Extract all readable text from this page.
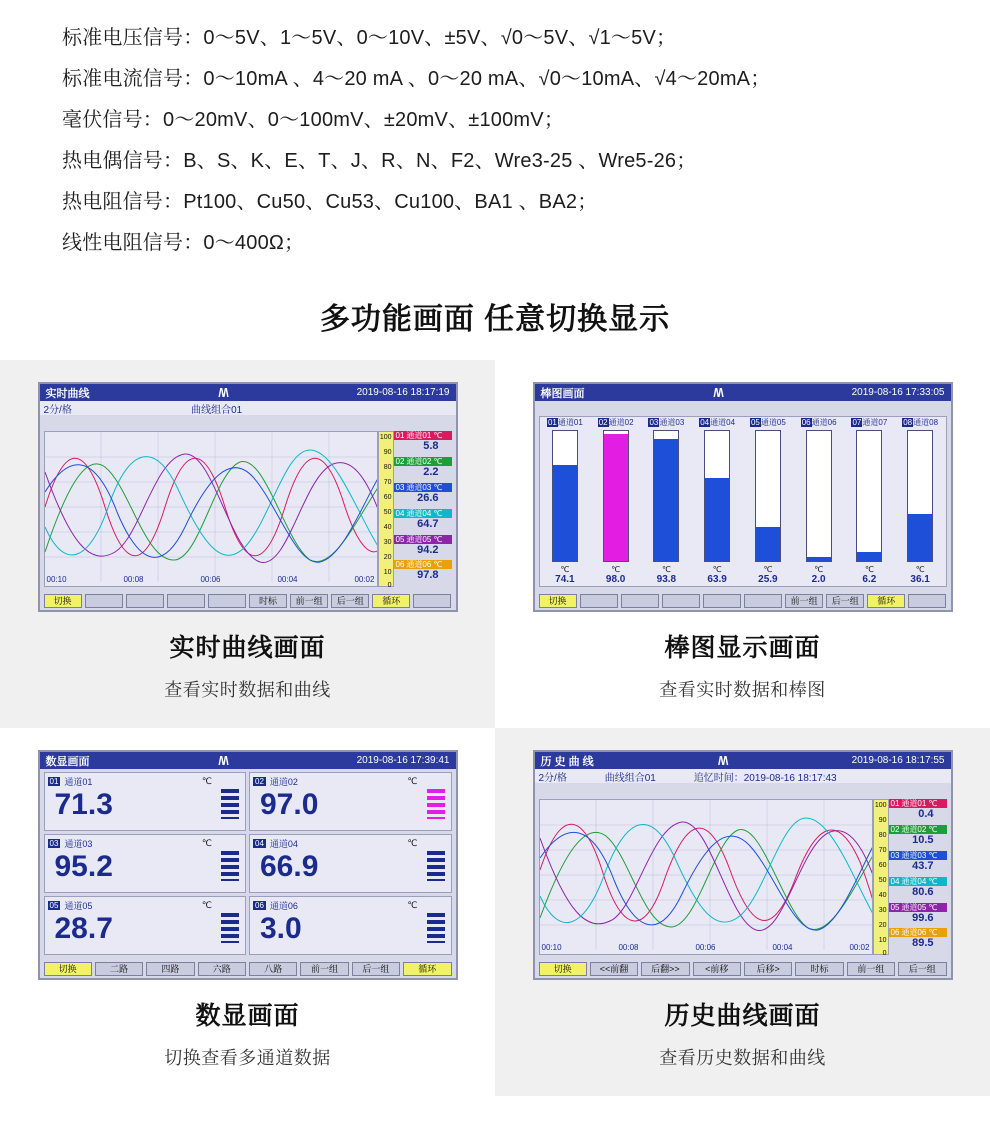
标准电压信号：0～5V、1～5V、0～10V、±5V、√0～5V、√1～5V；
标准电流信号：0～10mA 、4～20 mA 、0～20 mA、√0～10mA、√4～20mA；
毫伏信号：0～20mV、0～100mV、±20mV、±100mV；
热电偶信号：B、S、K、E、T、J、R、N、F2、Wre3-25 、Wre5-26；
热电阻信号：Pt100、Cu50、Cu53、Cu100、BA1 、BA2；
线性电阻信号：0～400Ω；
多功能画面 任意切换显示
实时曲线	/\/\	2019-08-16 18:17:19
2分/格	曲线组合01
00:10	00:08	00:06	00:04	00:02
100
90
80
70
60
50
40
30
20
10
0
01 通道01 ℃
5.8
02 通道02 ℃
2.2
03 通道03 ℃
26.6
04 通道04 ℃
64.7
05 通道05 ℃
94.2
06 通道06 ℃
97.8
切换	时标	前一组	后一组	循环
实时曲线画面
查看实时数据和曲线
棒图画面	/\/\	2019-08-16 17:33:05
01通道01	02通道02	03通道03	04通道04	05通道05	06通道06	07通道07	08通道08
℃	℃	℃	℃	℃	℃	℃	℃
74.1	98.0	93.8	63.9	25.9	2.0	6.2	36.1
切换	前一组	后一组	循环
棒图显示画面
查看实时数据和棒图
数显画面	/\/\	2019-08-16 17:39:41
01 通道01	℃
71.3
02 通道02	℃
97.0
03 通道03	℃
95.2
04 通道04	℃
66.9
05 通道05	℃
28.7
06 通道06	℃
3.0
切换	二路	四路	六路	八路	前一组	后一组	循环
数显画面
切换查看多通道数据
历 史 曲 线	/\/\	2019-08-16 18:17:55
2分/格	曲线组合01	追忆时间：2019-08-16 18:17:43
00:10	00:08	00:06	00:04	00:02
100
90
80
70
60
50
40
30
20
10
0
01 通道01 ℃
0.4
02 通道02 ℃
10.5
03 通道03 ℃
43.7
04 通道04 ℃
80.6
05 通道05 ℃
99.6
06 通道06 ℃
89.5
切换	<<前翻	后翻>>	<前移	后移>	时标	前一组	后一组
历史曲线画面
查看历史数据和曲线
